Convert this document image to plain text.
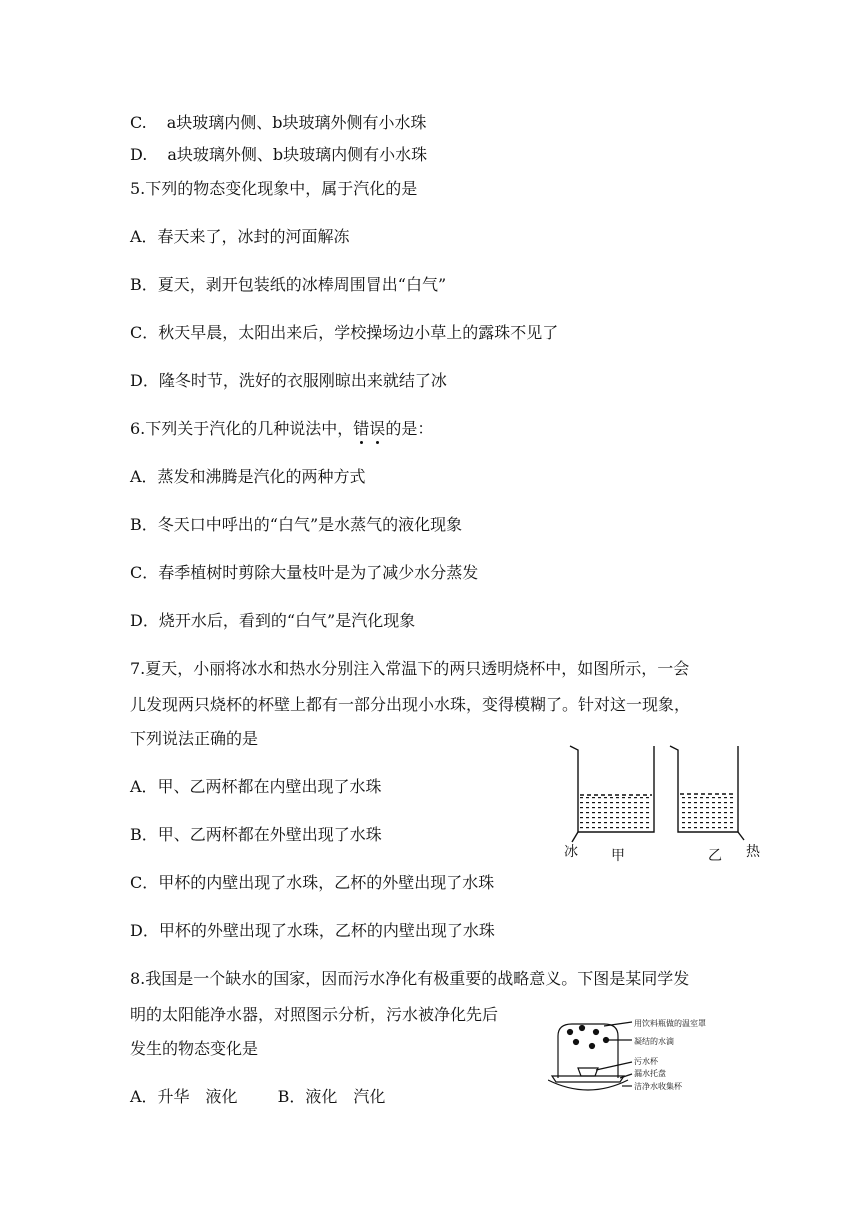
C. a块玻璃内侧、b块玻璃外侧有小水珠
D. a块玻璃外侧、b块玻璃内侧有小水珠
5.下列的物态变化现象中，属于汽化的是
A．春天来了，冰封的河面解冻
B．夏天，剥开包装纸的冰棒周围冒出“白气”
C．秋天早晨，太阳出来后，学校操场边小草上的露珠不见了
D．隆冬时节，洗好的衣服刚晾出来就结了冰
6.下列关于汽化的几种说法中，错误的是：
A．蒸发和沸腾是汽化的两种方式
B．冬天口中呼出的“白气”是水蒸气的液化现象
C．春季植树时剪除大量枝叶是为了减少水分蒸发
D．烧开水后，看到的“白气”是汽化现象
7.夏天，小丽将冰水和热水分别注入常温下的两只透明烧杯中，如图所示，一会
儿发现两只烧杯的杯壁上都有一部分出现小水珠，变得模糊了。针对这一现象，
下列说法正确的是
A．甲、乙两杯都在内壁出现了水珠
B．甲、乙两杯都在外壁出现了水珠
C．甲杯的内壁出现了水珠，乙杯的外壁出现了水珠
D．甲杯的外壁出现了水珠，乙杯的内壁出现了水珠
冰 甲	乙 热
8.我国是一个缺水的国家，因而污水净化有极重要的战略意义。下图是某同学发
明的太阳能净水器，对照图示分析，污水被净化先后
发生的物态变化是
A．升华　液化	B．液化　汽化
用饮料瓶做的温室罩
凝结的水滴
污水杯
漏水托盘
洁净水收集杯
